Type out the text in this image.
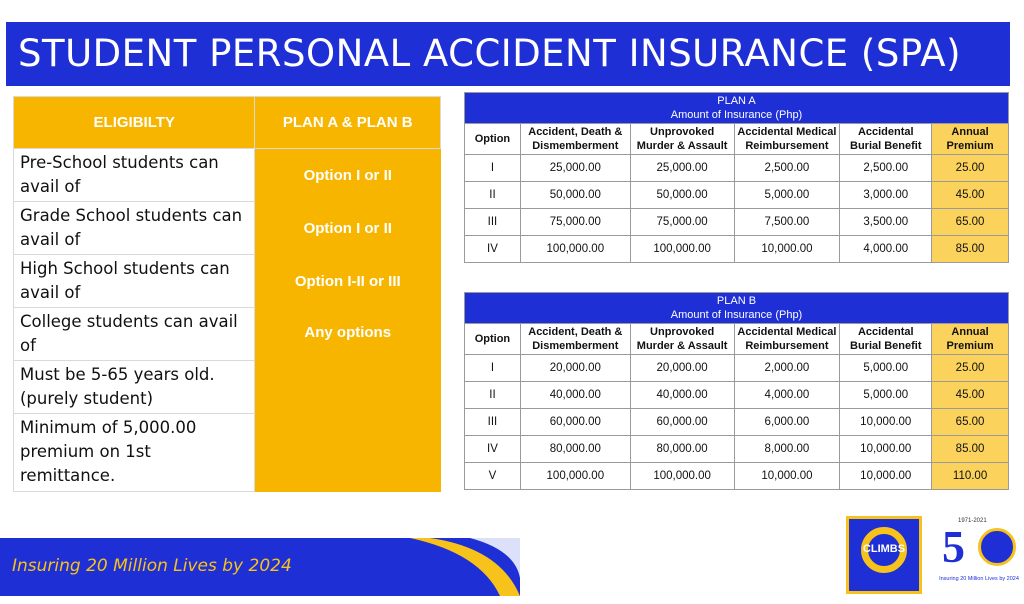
STUDENT PERSONAL ACCIDENT INSURANCE (SPA)
ELIGIBILTY	PLAN A & PLAN B
Pre-School students can avail of	Option I or II
Grade School students can avail of	Option I or II
High School students can avail of	Option I-II or III
College students can avail of	Any options
Must be 5-65 years old. (purely student)	
Minimum of 5,000.00 premium on 1st remittance.	
PLAN A
Amount of Insurance (Php)					

Option	Accident, Death & Dismemberment	Unprovoked Murder & Assault	Accidental Medical Reimbursement	Accidental Burial Benefit	Annual Premium
I	25,000.00	25,000.00	2,500.00	2,500.00	25.00
II	50,000.00	50,000.00	5,000.00	3,000.00	45.00
III	75,000.00	75,000.00	7,500.00	3,500.00	65.00
IV	100,000.00	100,000.00	10,000.00	4,000.00	85.00
PLAN B
Amount of Insurance (Php)					

Option	Accident, Death & Dismemberment	Unprovoked Murder & Assault	Accidental Medical Reimbursement	Accidental Burial Benefit	Annual Premium
I	20,000.00	20,000.00	2,000.00	5,000.00	25.00
II	40,000.00	40,000.00	4,000.00	5,000.00	45.00
III	60,000.00	60,000.00	6,000.00	10,000.00	65.00
IV	80,000.00	80,000.00	8,000.00	10,000.00	85.00
V	100,000.00	100,000.00	10,000.00	10,000.00	110.00
Insuring 20 Million Lives by 2024
CLIMBS
1971-2021
5
Insuring 20 Million Lives by 2024
